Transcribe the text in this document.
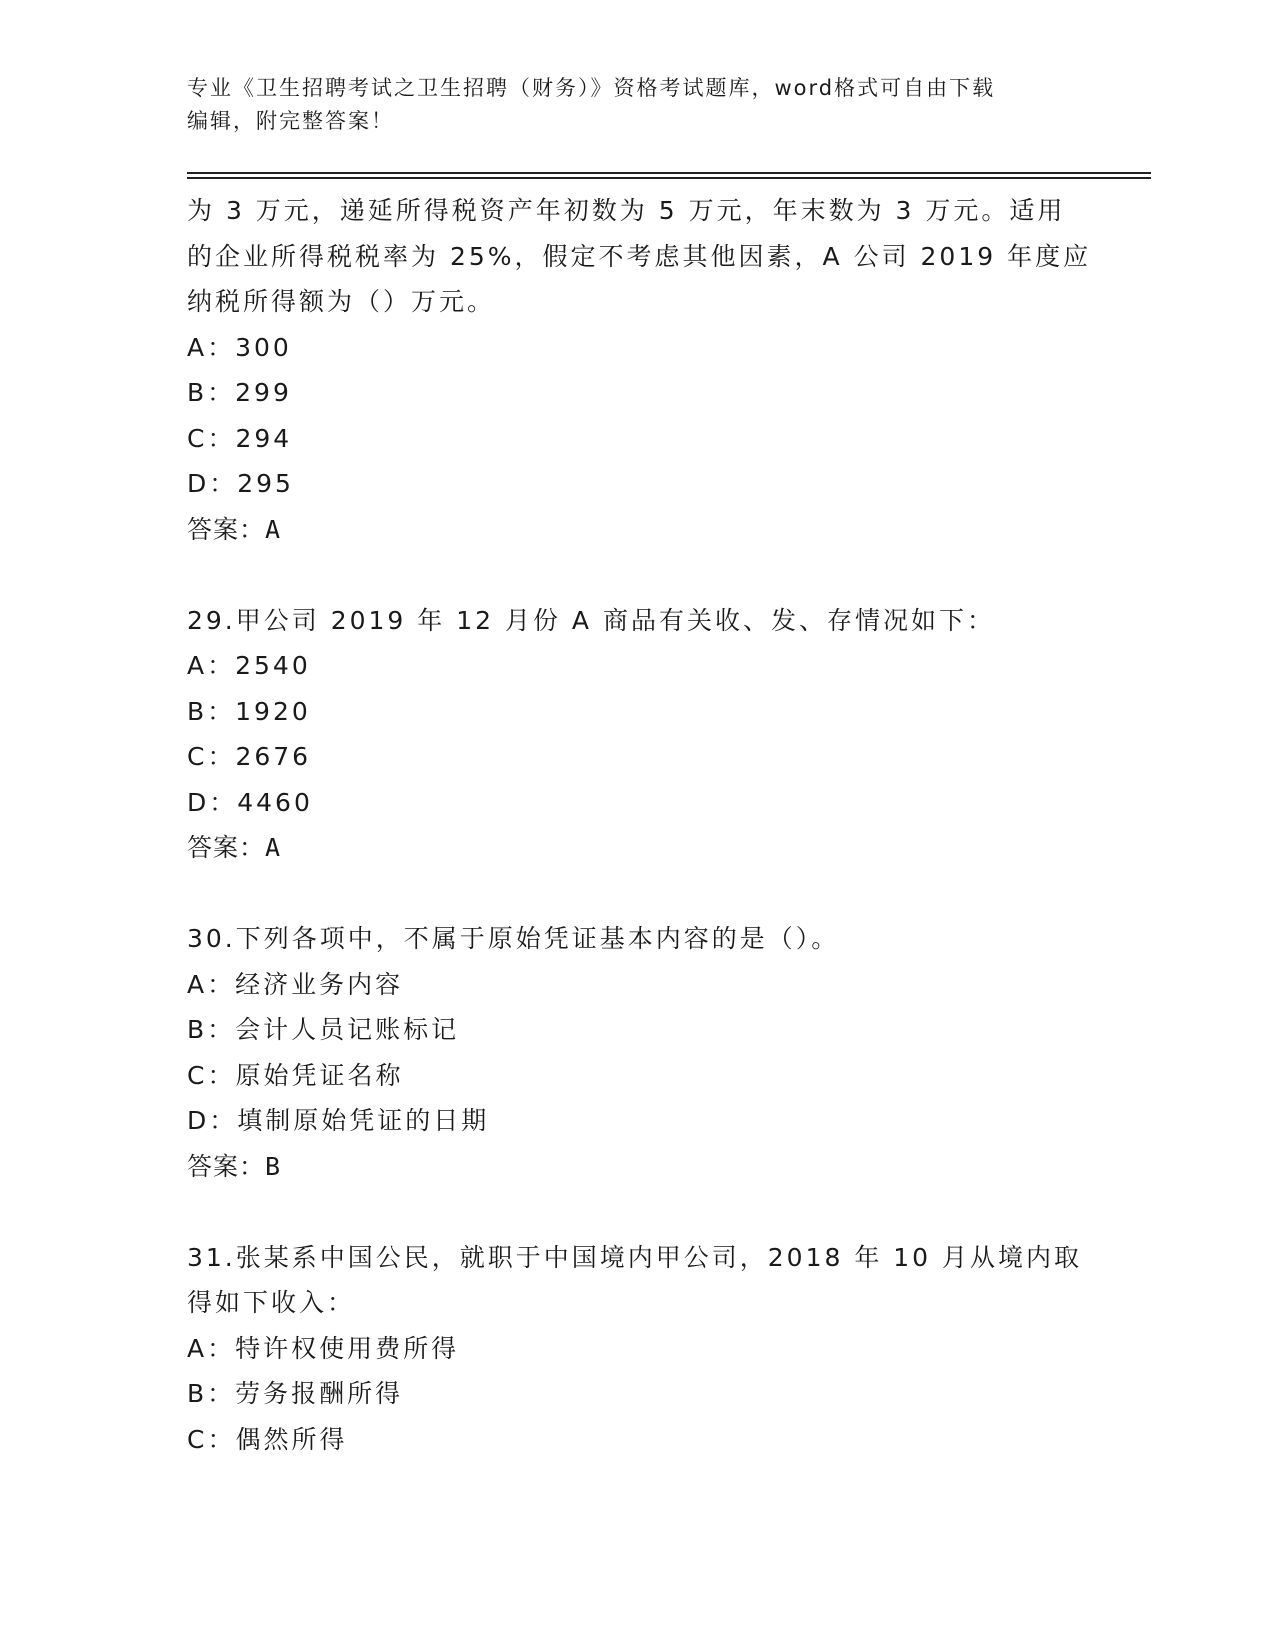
专业《卫生招聘考试之卫生招聘（财务）》资格考试题库，word格式可自由下载
编辑，附完整答案！
为 3 万元，递延所得税资产年初数为 5 万元，年末数为 3 万元。适用
的企业所得税税率为 25%，假定不考虑其他因素，A 公司 2019 年度应
纳税所得额为（）万元。
A：300
B：299
C：294
D：295
答案：A
29.甲公司 2019 年 12 月份 A 商品有关收、发、存情况如下：
A：2540
B：1920
C：2676
D：4460
答案：A
30.下列各项中，不属于原始凭证基本内容的是（）。
A：经济业务内容
B：会计人员记账标记
C：原始凭证名称
D：填制原始凭证的日期
答案：B
31.张某系中国公民，就职于中国境内甲公司，2018 年 10 月从境内取
得如下收入：
A：特许权使用费所得
B：劳务报酬所得
C：偶然所得
